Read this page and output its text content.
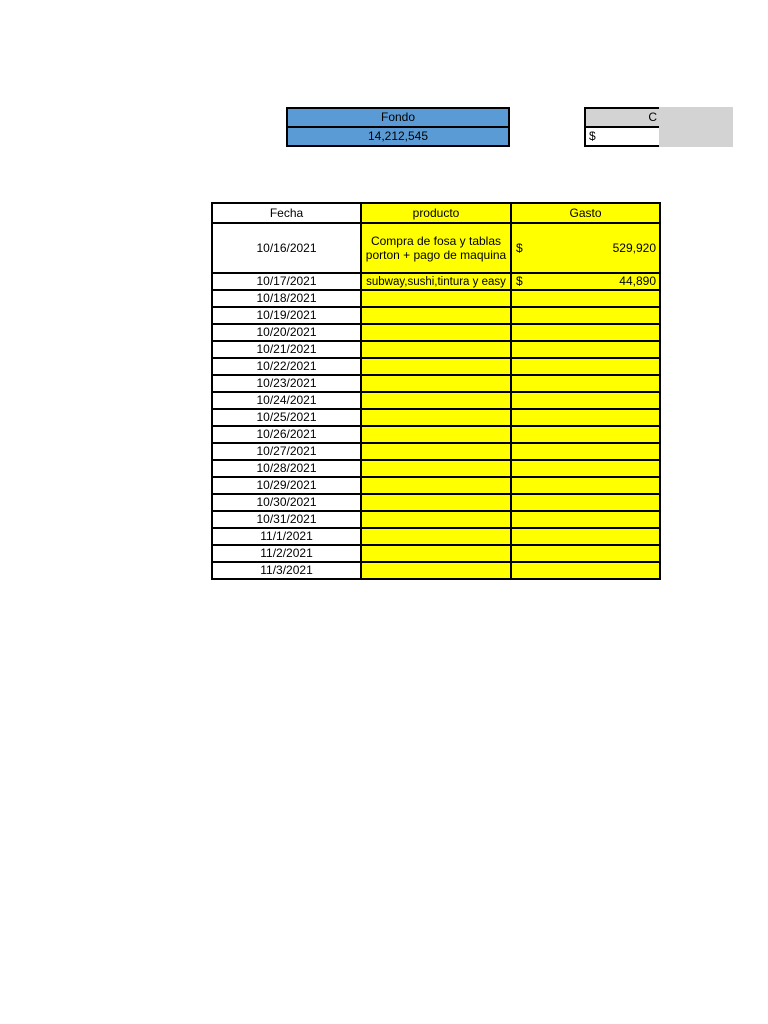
Fondo
14,212,545
C
$
Fecha	producto	Gasto
10/16/2021	Compra de fosa y tablas porton + pago de maquina	$ 529,920

10/17/2021	subway,sushi,tintura y easy	$ 44,890

10/18/2021	

10/19/2021	

10/20/2021	

10/21/2021	

10/22/2021	

10/23/2021	

10/24/2021	

10/25/2021	

10/26/2021	

10/27/2021	

10/28/2021	

10/29/2021	

10/30/2021	

10/31/2021	

11/1/2021	

11/2/2021	

11/3/2021	
